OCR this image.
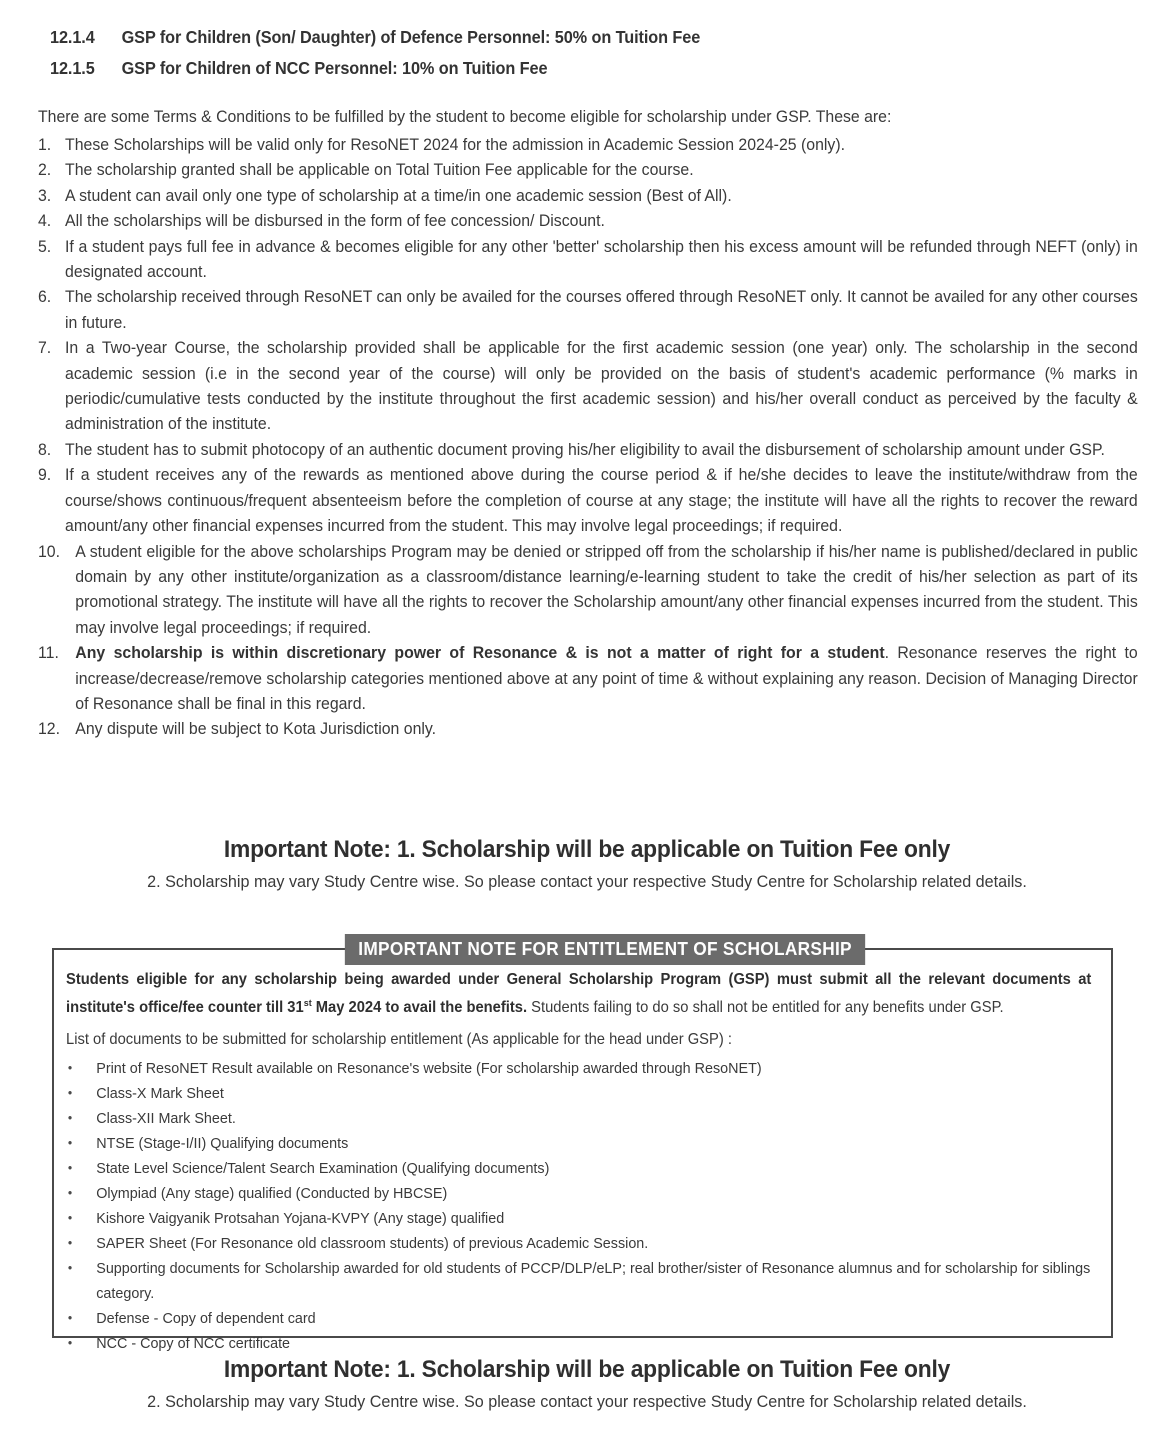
12.1.4 GSP for Children (Son/ Daughter) of Defence Personnel: 50% on Tuition Fee
12.1.5 GSP for Children of NCC Personnel: 10% on Tuition Fee
There are some Terms & Conditions to be fulfilled by the student to become eligible for scholarship under GSP. These are:
1. These Scholarships will be valid only for ResoNET 2024 for the admission in Academic Session 2024-25 (only).
2. The scholarship granted shall be applicable on Total Tuition Fee applicable for the course.
3. A student can avail only one type of scholarship at a time/in one academic session (Best of All).
4. All the scholarships will be disbursed in the form of fee concession/ Discount.
5. If a student pays full fee in advance & becomes eligible for any other 'better' scholarship then his excess amount will be refunded through NEFT (only) in designated account.
6. The scholarship received through ResoNET can only be availed for the courses offered through ResoNET only. It cannot be availed for any other courses in future.
7. In a Two-year Course, the scholarship provided shall be applicable for the first academic session (one year) only. The scholarship in the second academic session (i.e in the second year of the course) will only be provided on the basis of student's academic performance (% marks in periodic/cumulative tests conducted by the institute throughout the first academic session) and his/her overall conduct as perceived by the faculty & administration of the institute.
8. The student has to submit photocopy of an authentic document proving his/her eligibility to avail the disbursement of scholarship amount under GSP.
9. If a student receives any of the rewards as mentioned above during the course period & if he/she decides to leave the institute/withdraw from the course/shows continuous/frequent absenteeism before the completion of course at any stage; the institute will have all the rights to recover the reward amount/any other financial expenses incurred from the student. This may involve legal proceedings; if required.
10. A student eligible for the above scholarships Program may be denied or stripped off from the scholarship if his/her name is published/declared in public domain by any other institute/organization as a classroom/distance learning/e-learning student to take the credit of his/her selection as part of its promotional strategy. The institute will have all the rights to recover the Scholarship amount/any other financial expenses incurred from the student. This may involve legal proceedings; if required.
11. Any scholarship is within discretionary power of Resonance & is not a matter of right for a student. Resonance reserves the right to increase/decrease/remove scholarship categories mentioned above at any point of time & without explaining any reason. Decision of Managing Director of Resonance shall be final in this regard.
12. Any dispute will be subject to Kota Jurisdiction only.
Important Note: 1. Scholarship will be applicable on Tuition Fee only
2. Scholarship may vary Study Centre wise. So please contact your respective Study Centre for Scholarship related details.
IMPORTANT NOTE FOR ENTITLEMENT OF SCHOLARSHIP
Students eligible for any scholarship being awarded under General Scholarship Program (GSP) must submit all the relevant documents at institute's office/fee counter till 31st May 2024 to avail the benefits. Students failing to do so shall not be entitled for any benefits under GSP.
List of documents to be submitted for scholarship entitlement (As applicable for the head under GSP) :
• Print of ResoNET Result available on Resonance's website (For scholarship awarded through ResoNET)
• Class-X Mark Sheet
• Class-XII Mark Sheet.
• NTSE (Stage-I/II) Qualifying documents
• State Level Science/Talent Search Examination (Qualifying documents)
• Olympiad (Any stage) qualified (Conducted by HBCSE)
• Kishore Vaigyanik Protsahan Yojana-KVPY (Any stage) qualified
• SAPER Sheet (For Resonance old classroom students) of previous Academic Session.
• Supporting documents for Scholarship awarded for old students of PCCP/DLP/eLP; real brother/sister of Resonance alumnus and for scholarship for siblings category.
• Defense - Copy of dependent card
• NCC - Copy of NCC certificate
Important Note: 1. Scholarship will be applicable on Tuition Fee only
2. Scholarship may vary Study Centre wise. So please contact your respective Study Centre for Scholarship related details.
